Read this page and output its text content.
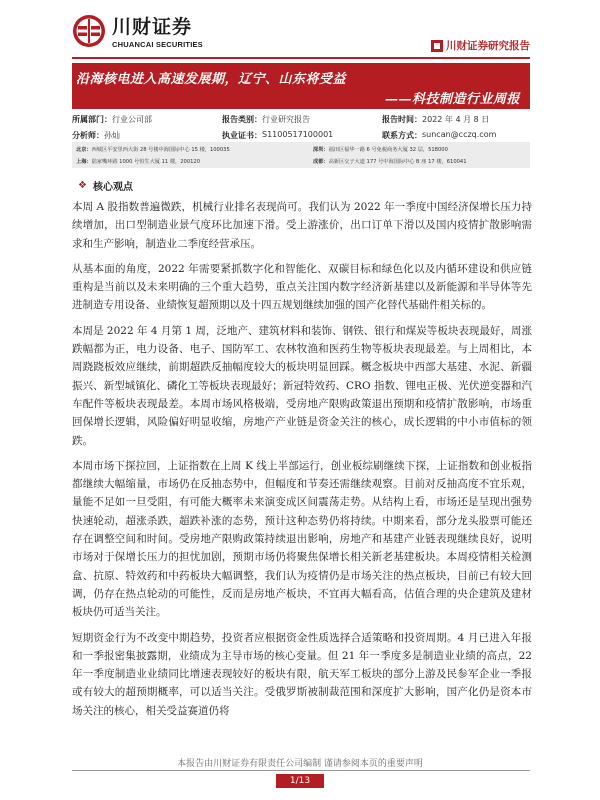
川财证券
CHUANCAI SECURITIES	川财证券研究报告
沿海核电进入高速发展期，辽宁、山东将受益
——科技制造行业周报
所属部门： 行业公司部	报告类别： 行业研究报告	报告时间： 2022 年 4 月 8 日
分析师： 孙灿	执业证书： S1100517100001	联系方式： suncan@cczq.com
北京： 西城区平安里西大街 28 号楼中海国际中心 15 楼，100035	深圳： 福田区福华一路 6 号免税商务大厦 32 层，518000
上海： 陆家嘴环路 1000 号恒生大厦 11 楼，200120	成都： 高新区交子大道 177 号中海国际中心 B 座 17 楼，610041
❖ 核心观点

本周 A 股指数普遍微跌，机械行业排名表现尚可。我们认为 2022 年一季度中国经济保增长压力持续增加，出口型制造业景气度环比加速下滑。受上游涨价，出口订单下滑以及国内疫情扩散影响需求和生产影响，制造业二季度经营承压。

从基本面的角度，2022 年需要紧抓数字化和智能化、双碳目标和绿色化以及内循环建设和供应链重构是当前以及未来明确的三个重大趋势，重点关注国内数字经济新基建以及新能源和半导体等先进制造专用设备、业绩恢复超预期以及十四五规划继续加强的国产化替代基础件相关标的。

本周是 2022 年 4 月第 1 周，泛地产、建筑材料和装饰、钢铁、银行和煤炭等板块表现最好，周涨跌幅都为正，电力设备、电子、国防军工、农林牧渔和医药生物等板块表现最差。与上周相比，本周跷跷板效应继续，前期超跌反抽幅度较大的板块明显回踩。概念板块中西部大基建、水泥、新疆振兴、新型城镇化、磷化工等板块表现最好；新冠特效药、CRO 指数、锂电正极、光伏逆变器和汽车配件等板块表现最差。本周市场风格极端，受房地产限购政策退出预期和疫情扩散影响，市场重回保增长逻辑，风险偏好明显收缩，房地产产业链是资金关注的核心，成长逻辑的中小市值标的领跌。

本周市场下探拉回，上证指数在上周 K 线上半部运行，创业板综刷继续下探，上证指数和创业板指都继续大幅缩量，市场仍在反抽态势中，但幅度和节奏还需继续观察。目前对反抽高度不宜乐观，量能不足如一旦受阻，有可能大概率未来演变成区间震荡走势。从结构上看，市场还是呈现出强势快速轮动，超涨杀跌，超跌补涨的态势，预计这种态势仍将持续。中期来看，部分龙头股票可能还存在调整空间和时间。受房地产限购政策持续退出影响，房地产和基建产业链表现继续良好，说明市场对于保增长压力的担忧加剧，预期市场仍将聚焦保增长相关新老基建板块。本周疫情相关检测盒、抗原、特效药和中药板块大幅调整，我们认为疫情仍是市场关注的热点板块，目前已有较大回调，仍存在热点轮动的可能性，反而是房地产板块，不宜再大幅看高，估值合理的央企建筑及建材板块仍可适当关注。

短期资金行为不改变中期趋势，投资者应根据资金性质选择合适策略和投资周期。4 月已进入年报和一季报密集披露期，业绩成为主导市场的核心变量。但 21 年一季度多是制造业业绩的高点，22 年一季度制造业业绩同比增速表现较好的板块有限，航天军工板块的部分上游及民参军企业一季报或有较大的超预期概率，可以适当关注。受俄罗斯被制裁范围和深度扩大影响，国产化仍是资本市场关注的核心，相关受益赛道仍将

本报告由川财证券有限责任公司编制 谨请参阅本页的重要声明
1/13
